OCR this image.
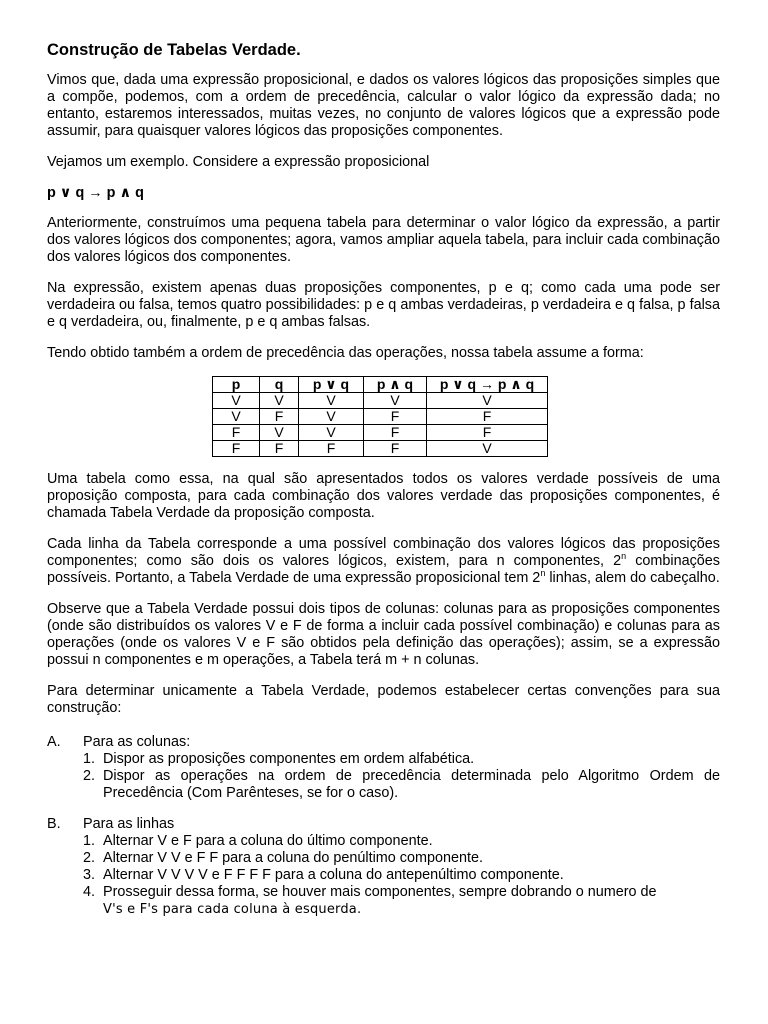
Construção de Tabelas Verdade.

Vimos que, dada uma expressão proposicional, e dados os valores lógicos das proposições simples que a compõe, podemos, com a ordem de precedência, calcular o valor lógico da expressão dada; no entanto, estaremos interessados, muitas vezes, no conjunto de valores lógicos que a expressão pode assumir, para quaisquer valores lógicos das proposições componentes.

Vejamos um exemplo. Considere a expressão proposicional

p ∨ q → p ∧ q

Anteriormente, construímos uma pequena tabela para determinar o valor lógico da expressão, a partir dos valores lógicos dos componentes; agora, vamos ampliar aquela tabela, para incluir cada combinação dos valores lógicos dos componentes.

Na expressão, existem apenas duas proposições componentes, p e q; como cada uma pode ser verdadeira ou falsa, temos quatro possibilidades: p e q ambas verdadeiras, p verdadeira e q falsa, p falsa e q verdadeira, ou, finalmente, p e q ambas falsas.

Tendo obtido também a ordem de precedência das operações, nossa tabela assume a forma:

p	q	p ∨ q	p ∧ q	p ∨ q → p ∧ q
V	V	V	V	V
V	F	V	F	F
F	V	V	F	F
F	F	F	F	V

Uma tabela como essa, na qual são apresentados todos os valores verdade possíveis de uma proposição composta, para cada combinação dos valores verdade das proposições componentes, é chamada Tabela Verdade da proposição composta.

Cada linha da Tabela corresponde a uma possível combinação dos valores lógicos das proposições componentes; como são dois os valores lógicos, existem, para n componentes, 2$^n$ combinações possíveis. Portanto, a Tabela Verdade de uma expressão proposicional tem 2$^n$ linhas, alem do cabeçalho.

Observe que a Tabela Verdade possui dois tipos de colunas: colunas para as proposições componentes (onde são distribuídos os valores V e F de forma a incluir cada possível combinação) e colunas para as operações (onde os valores V e F são obtidos pela definição das operações); assim, se a expressão possui n componentes e m operações, a Tabela terá m + n colunas.

Para determinar unicamente a Tabela Verdade, podemos estabelecer certas convenções para sua construção:

A.	Para as colunas:
1. Dispor as proposições componentes em ordem alfabética.
2. Dispor as operações na ordem de precedência determinada pelo Algoritmo Ordem de Precedência (Com Parênteses, se for o caso).
B.	Para as linhas
1. Alternar V e F para a coluna do último componente.
2. Alternar V V e F F para a coluna do penúltimo componente.
3. Alternar V V V V e F F F F para a coluna do antepenúltimo componente.
4. Prosseguir dessa forma, se houver mais componentes, sempre dobrando o numero de
V's e F's para cada coluna à esquerda.
